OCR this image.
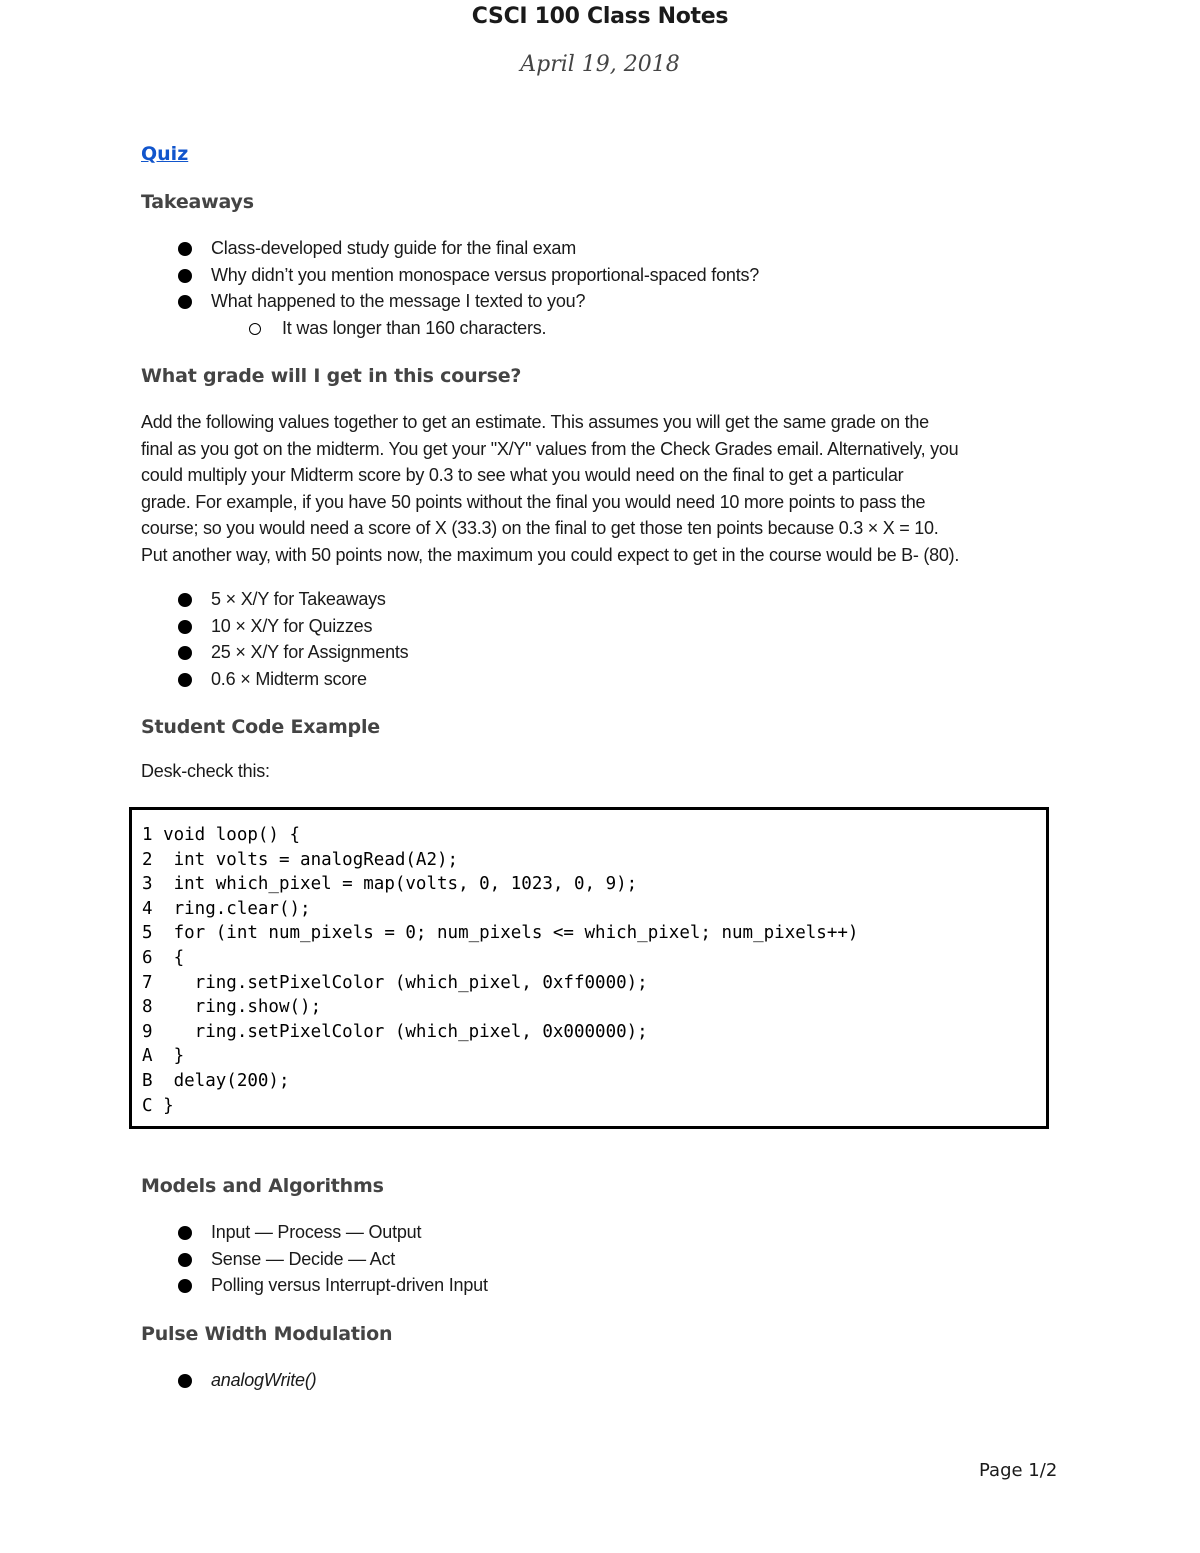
CSCI 100 Class Notes
April 19, 2018
Quiz
Takeaways
Class-developed study guide for the final exam
Why didn’t you mention monospace versus proportional-spaced fonts?
What happened to the message I texted to you?
It was longer than 160 characters.
What grade will I get in this course?

Add the following values together to get an estimate. This assumes you will get the same grade on the
final as you got on the midterm. You get your "X/Y" values from the Check Grades email. Alternatively, you
could multiply your Midterm score by 0.3 to see what you would need on the final to get a particular
grade. For example, if you have 50 points without the final you would need 10 more points to pass the
course; so you would need a score of X (33.3) on the final to get those ten points because 0.3 × X = 10.
Put another way, with 50 points now, the maximum you could expect to get in the course would be B- (80).

5 × X/Y for Takeaways
10 × X/Y for Quizzes
25 × X/Y for Assignments
0.6 × Midterm score
Student Code Example

Desk-check this:

Models and Algorithms
Input — Process — Output
Sense — Decide — Act
Polling versus Interrupt-driven Input
Pulse Width Modulation
analogWrite()
1 void loop() {
2  int volts = analogRead(A2);
3  int which_pixel = map(volts, 0, 1023, 0, 9);
4  ring.clear();
5  for (int num_pixels = 0; num_pixels <= which_pixel; num_pixels++)
6  {
7    ring.setPixelColor (which_pixel, 0xff0000);
8    ring.show();
9    ring.setPixelColor (which_pixel, 0x000000);
A  }
B  delay(200);
C }
Page 1/2
